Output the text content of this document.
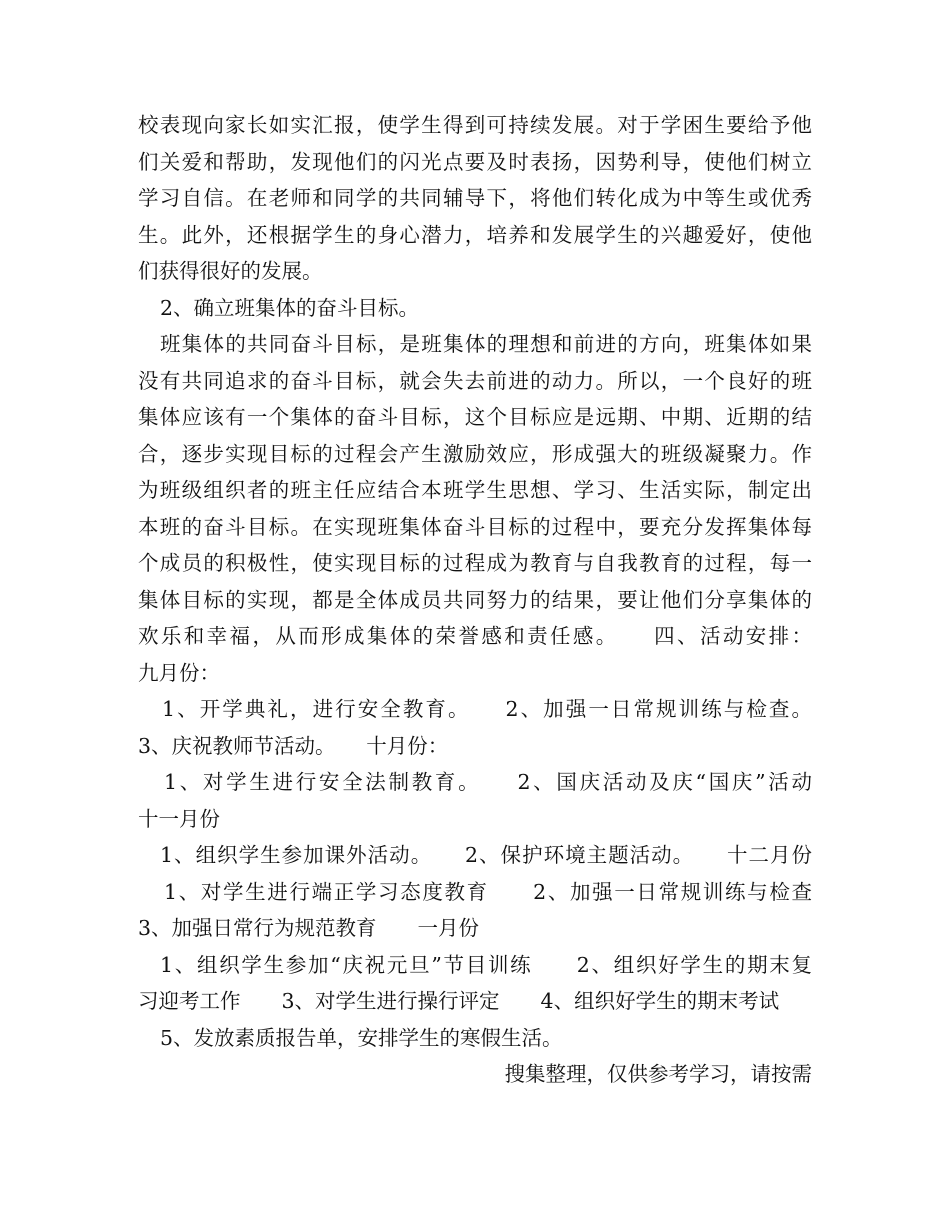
校表现向家长如实汇报，使学生得到可持续发展。对于学困生要给予他
们关爱和帮助，发现他们的闪光点要及时表扬，因势利导，使他们树立
学习自信。在老师和同学的共同辅导下，将他们转化成为中等生或优秀
生。此外，还根据学生的身心潜力，培养和发展学生的兴趣爱好，使他
们获得很好的发展。
2、确立班集体的奋斗目标。
班集体的共同奋斗目标，是班集体的理想和前进的方向，班集体如果
没有共同追求的奋斗目标，就会失去前进的动力。所以，一个良好的班
集体应该有一个集体的奋斗目标，这个目标应是远期、中期、近期的结
合，逐步实现目标的过程会产生激励效应，形成强大的班级凝聚力。作
为班级组织者的班主任应结合本班学生思想、学习、生活实际，制定出
本班的奋斗目标。在实现班集体奋斗目标的过程中，要充分发挥集体每
个成员的积极性，使实现目标的过程成为教育与自我教育的过程，每一
集体目标的实现，都是全体成员共同努力的结果，要让他们分享集体的
欢乐和幸福，从而形成集体的荣誉感和责任感。　　四、活动安排：
九月份：
1、开学典礼，进行安全教育。　　2、加强一日常规训练与检查。
3、庆祝教师节活动。　　十月份：
1、对学生进行安全法制教育。　　2、国庆活动及庆“国庆”活动
十一月份
1、组织学生参加课外活动。　　2、保护环境主题活动。　　十二月份
1、对学生进行端正学习态度教育　　2、加强一日常规训练与检查
3、加强日常行为规范教育　　一月份
1、组织学生参加“庆祝元旦”节目训练　　2、组织好学生的期末复
习迎考工作　　3、对学生进行操行评定　　4、组织好学生的期末考试
5、发放素质报告单，安排学生的寒假生活。
搜集整理，仅供参考学习，请按需
